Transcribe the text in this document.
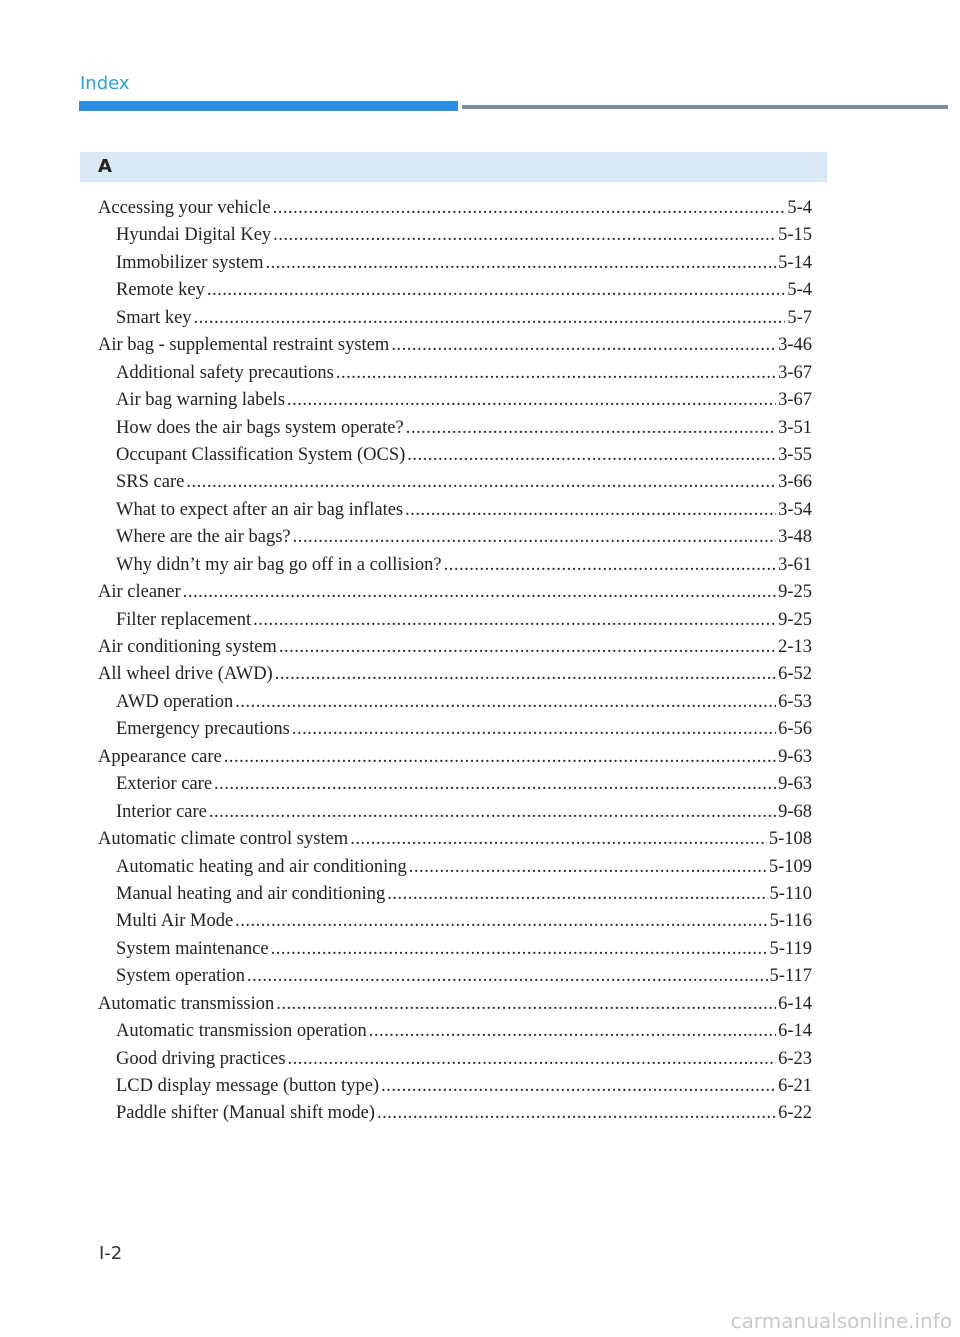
Index
A
Accessing your vehicle .....	5-4
Hyundai Digital Key .....	5-15
Immobilizer system .....	5-14
Remote key .....	5-4
Smart key .....	5-7
Air bag - supplemental restraint system .....	3-46
Additional safety precautions .....	3-67
Air bag warning labels .....	3-67
How does the air bags system operate? .....	3-51
Occupant Classification System (OCS) .....	3-55
SRS care .....	3-66
What to expect after an air bag inflates .....	3-54
Where are the air bags? .....	3-48
Why didn’t my air bag go off in a collision? .....	3-61
Air cleaner .....	9-25
Filter replacement .....	9-25
Air conditioning system .....	2-13
All wheel drive (AWD) .....	6-52
AWD operation .....	6-53
Emergency precautions .....	6-56
Appearance care .....	9-63
Exterior care .....	9-63
Interior care .....	9-68
Automatic climate control system .....	5-108
Automatic heating and air conditioning .....	5-109
Manual heating and air conditioning .....	5-110
Multi Air Mode .....	5-116
System maintenance .....	5-119
System operation .....	5-117
Automatic transmission .....	6-14
Automatic transmission operation .....	6-14
Good driving practices .....	6-23
LCD display message (button type) .....	6-21
Paddle shifter (Manual shift mode) .....	6-22
I-2
carmanualsonline.info
